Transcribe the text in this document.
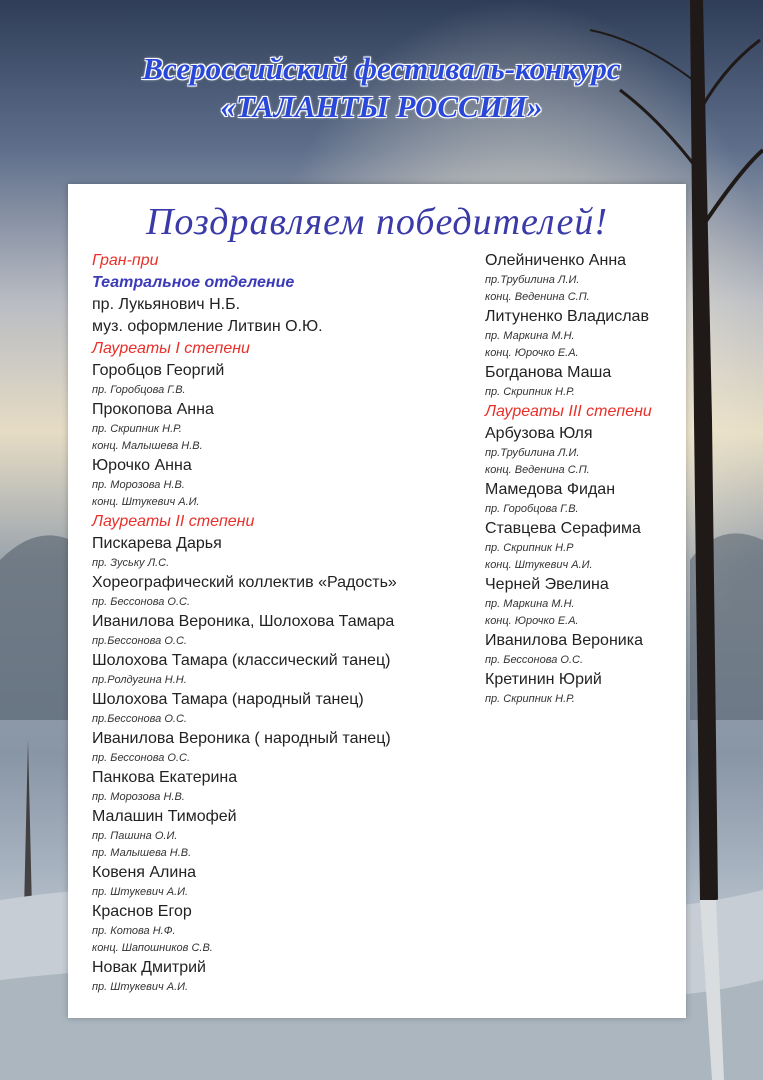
Всероссийский фестиваль-конкурс
«ТАЛАНТЫ РОССИИ»
Поздравляем победителей!
Гран-при
Театральное отделение
пр. Лукьянович Н.Б.
муз. оформление Литвин О.Ю.
Лауреаты I степени
Горобцов Георгий
пр. Горобцова Г.В.
Прокопова Анна
пр. Скрипник Н.Р.
конц. Малышева Н.В.
Юрочко Анна
пр. Морозова Н.В.
конц. Штукевич А.И.
Лауреаты II степени
Пискарева Дарья
пр. Зуську Л.С.
Хореографический коллектив «Радость»
пр. Бессонова О.С.
Иванилова Вероника, Шолохова Тамара
пр.Бессонова О.С.
Шолохова Тамара (классический танец)
пр.Ролдугина Н.Н.
Шолохова Тамара (народный танец)
пр.Бессонова О.С.
Иванилова Вероника ( народный танец)
пр. Бессонова О.С.
Панкова Екатерина
пр. Морозова Н.В.
Малашин Тимофей
пр. Пашина О.И.
пр. Малышева Н.В.
Ковеня Алина
пр. Штукевич А.И.
Краснов Егор
пр. Котова Н.Ф.
конц. Шапошников С.В.
Новак Дмитрий
пр. Штукевич А.И.
Олейниченко Анна
пр.Трубилина Л.И.
конц. Веденина С.П.
Литуненко Владислав
пр. Маркина М.Н.
конц. Юрочко Е.А.
Богданова Маша
пр. Скрипник Н.Р.
Лауреаты III степени
Арбузова Юля
пр.Трубилина Л.И.
конц. Веденина С.П.
Мамедова Фидан
пр. Горобцова Г.В.
Ставцева Серафима
пр. Скрипник Н.Р
конц. Штукевич А.И.
Черней Эвелина
пр. Маркина М.Н.
конц. Юрочко Е.А.
Иванилова Вероника
пр. Бессонова О.С.
Кретинин Юрий
пр. Скрипник Н.Р.
